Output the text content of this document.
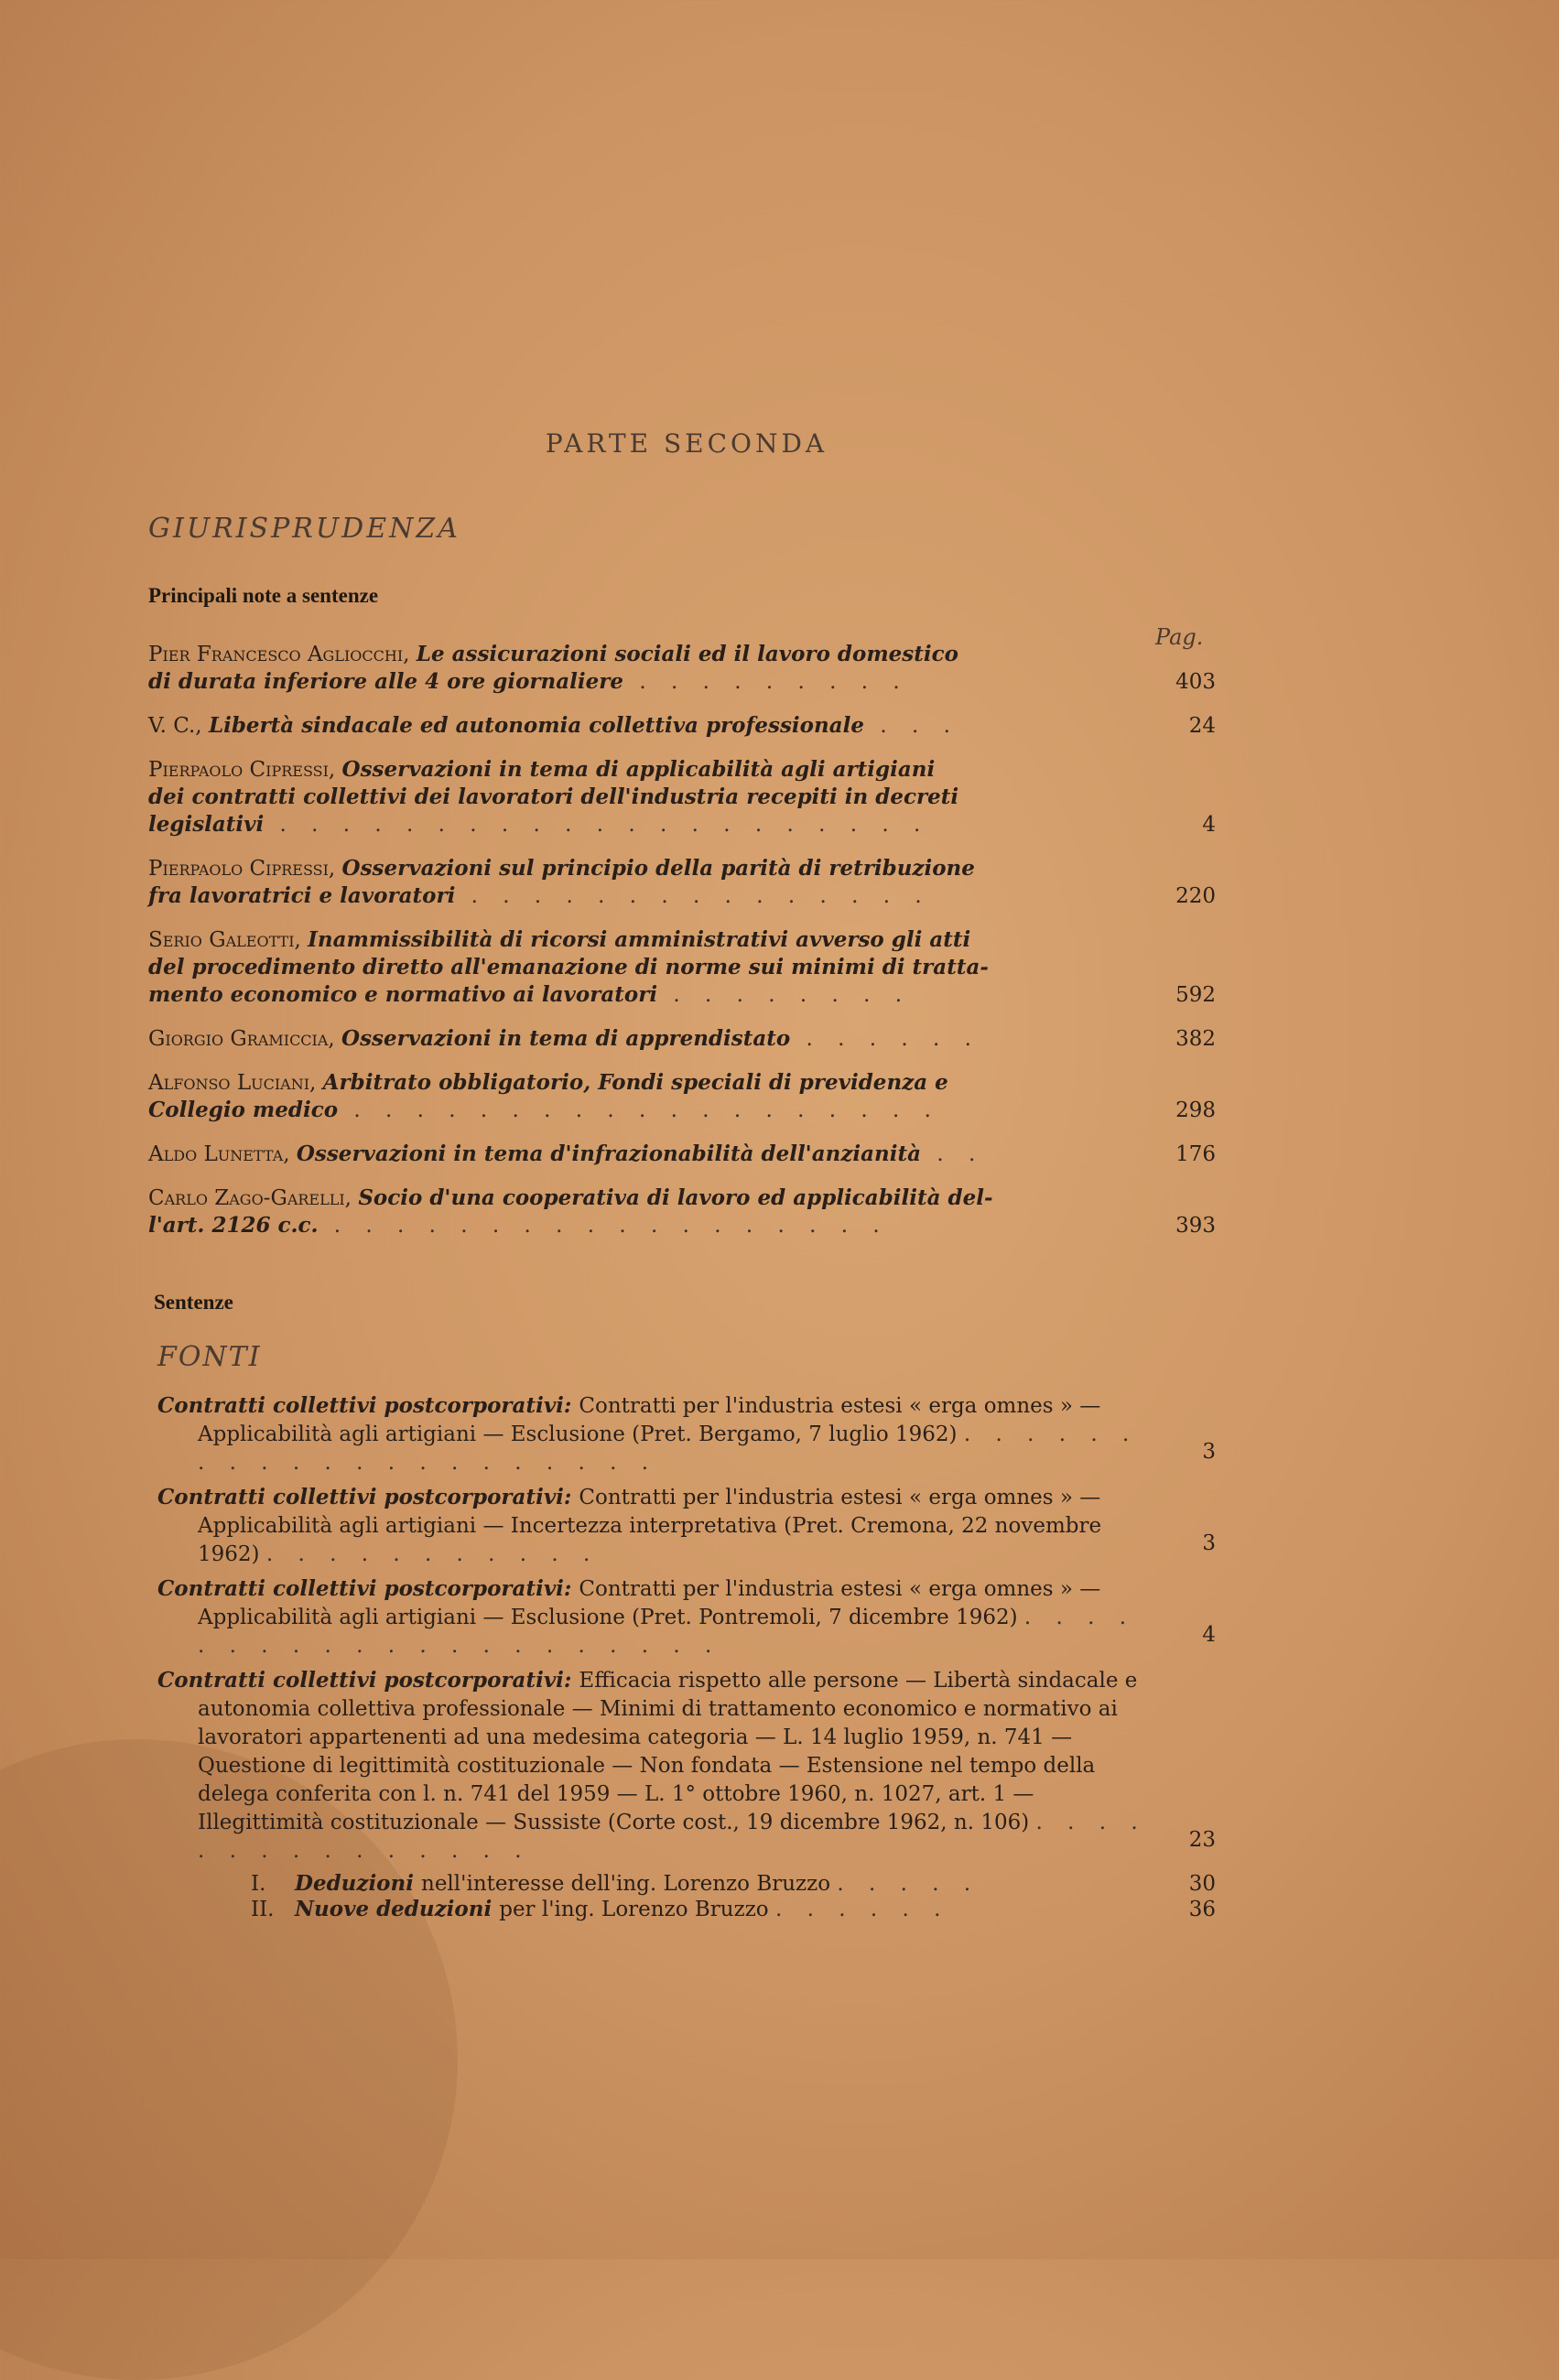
PARTE SECONDA
GIURISPRUDENZA
Principali note a sentenze
Pag.
Pier Francesco Agliocchi, Le assicurazioni sociali ed il lavoro domestico
di durata inferiore alle 4 ore giornaliere . . . . . . . . .	403
V. C., Libertà sindacale ed autonomia collettiva professionale . . .	24
Pierpaolo Cipressi, Osservazioni in tema di applicabilità agli artigiani
dei contratti collettivi dei lavoratori dell'industria recepiti in decreti
legislativi . . . . . . . . . . . . . . . . . . . . .	4
Pierpaolo Cipressi, Osservazioni sul principio della parità di retribuzione
fra lavoratrici e lavoratori . . . . . . . . . . . . . . .	220
Serio Galeotti, Inammissibilità di ricorsi amministrativi avverso gli atti
del procedimento diretto all'emanazione di norme sui minimi di tratta-
mento economico e normativo ai lavoratori . . . . . . . .	592
Giorgio Gramiccia, Osservazioni in tema di apprendistato . . . . . .	382
Alfonso Luciani, Arbitrato obbligatorio, Fondi speciali di previdenza e
Collegio medico . . . . . . . . . . . . . . . . . . .	298
Aldo Lunetta, Osservazioni in tema d'infrazionabilità dell'anzianità . .	176
Carlo Zago-Garelli, Socio d'una cooperativa di lavoro ed applicabilità del-
l'art. 2126 c.c. . . . . . . . . . . . . . . . . . .	393
Sentenze
FONTI
Contratti collettivi postcorporativi: Contratti per l'industria estesi « erga omnes » — Applicabilità agli artigiani — Esclusione (Pret. Bergamo, 7 luglio 1962) . . . . . . . . . . . . . . . . . . . . .	3
Contratti collettivi postcorporativi: Contratti per l'industria estesi « erga omnes » — Applicabilità agli artigiani — Incertezza interpretativa (Pret. Cremona, 22 novembre 1962) . . . . . . . . . . .	3
Contratti collettivi postcorporativi: Contratti per l'industria estesi « erga omnes » — Applicabilità agli artigiani — Esclusione (Pret. Pontremoli, 7 dicembre 1962) . . . . . . . . . . . . . . . . . . . . .	4
Contratti collettivi postcorporativi: Efficacia rispetto alle persone — Libertà sindacale e autonomia collettiva professionale — Minimi di trattamento economico e normativo ai lavoratori appartenenti ad una medesima categoria — L. 14 luglio 1959, n. 741 — Questione di legittimità costituzionale — Non fondata — Estensione nel tempo della delega conferita con l. n. 741 del 1959 — L. 1° ottobre 1960, n. 1027, art. 1 — Illegittimità costituzionale — Sussiste (Corte cost., 19 dicembre 1962, n. 106) . . . . . . . . . . . . . . .	23
I. Deduzioni nell'interesse dell'ing. Lorenzo Bruzzo . . . . .	30
II. Nuove deduzioni per l'ing. Lorenzo Bruzzo . . . . . .	36
